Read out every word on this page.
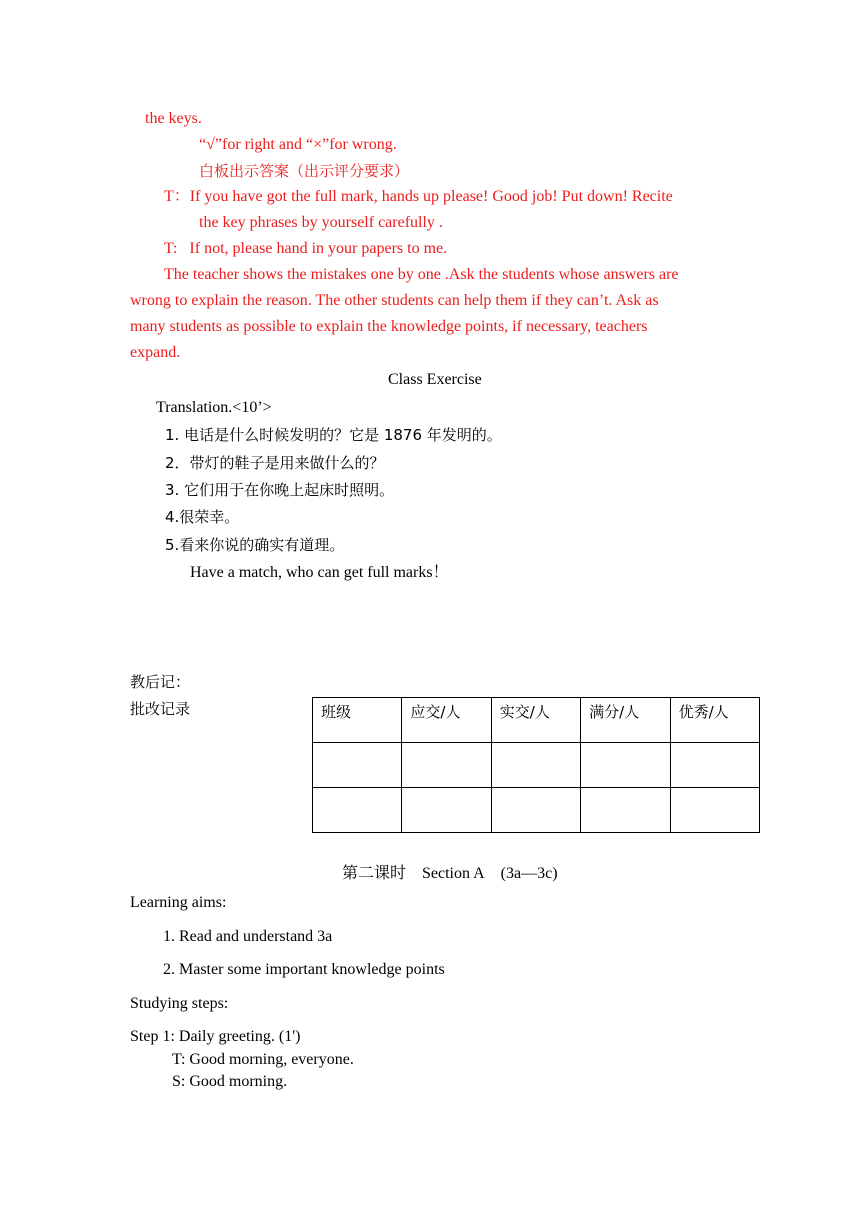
the keys.
“√”for right and “×”for wrong.
白板出示答案（出示评分要求）
T：If you have got the full mark, hands up please! Good job! Put down! Recite
the key phrases by yourself carefully .
T:   If not, please hand in your papers to me.
The teacher shows the mistakes one by one .Ask the students whose answers are
wrong to explain the reason. The other students can help them if they can’t. Ask as
many students as possible to explain the knowledge points, if necessary, teachers
expand.
Class Exercise
Translation.<10’>
1. 电话是什么时候发明的？它是 1876 年发明的。
2．带灯的鞋子是用来做什么的？
3. 它们用于在你晚上起床时照明。
4.很荣幸。
5.看来你说的确实有道理。
Have a match, who can get full marks！
教后记：
批改记录	班级	应交/人	实交/人	满分/人	优秀/人

第二课时    Section A    (3a—3c)
Learning aims:
1. Read and understand 3a
2. Master some important knowledge points
Studying steps:
Step 1: Daily greeting. (1')
T: Good morning, everyone.
S: Good morning.
